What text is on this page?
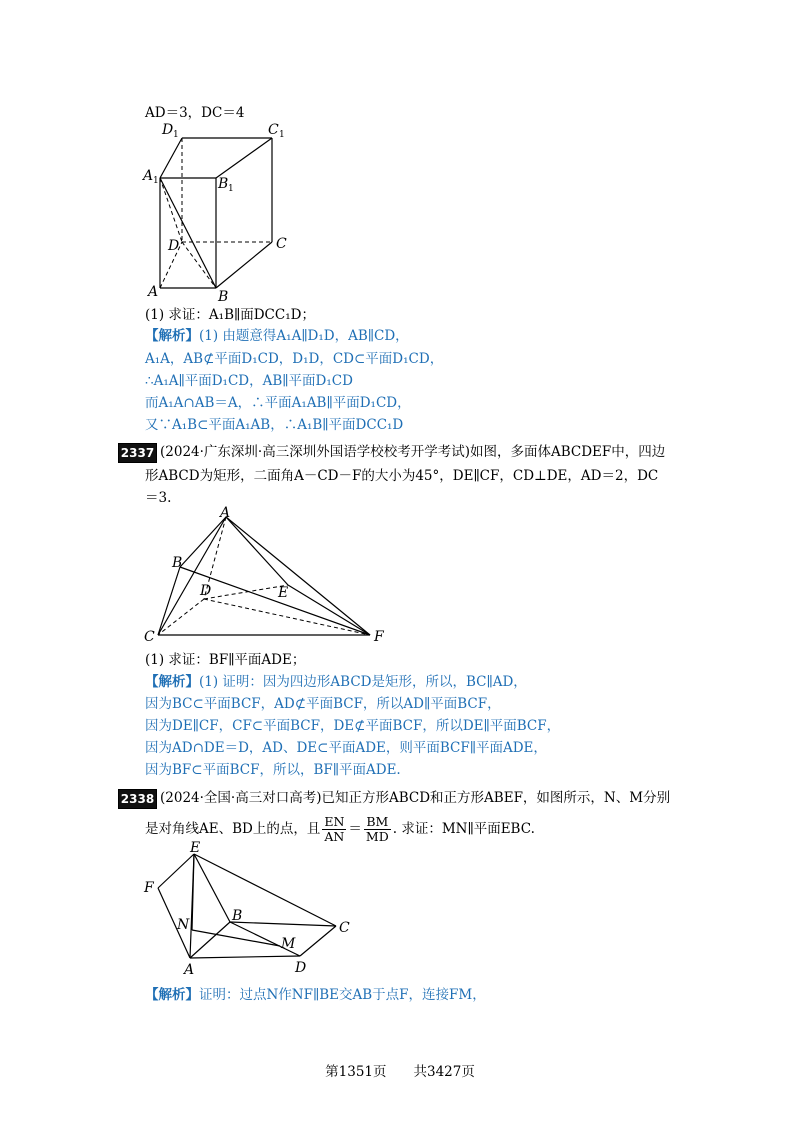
AD＝3，DC＝4
D 1	C 1
A 1	B 1
D	C
A	B
(1) 求证：A₁B∥面DCC₁D；
【解析】(1) 由题意得A₁A∥D₁D，AB∥CD，
A₁A，AB⊄平面D₁CD，D₁D，CD⊂平面D₁CD，
∴A₁A∥平面D₁CD，AB∥平面D₁CD
而A₁A∩AB＝A，∴平面A₁AB∥平面D₁CD，
又∵A₁B⊂平面A₁AB，∴A₁B∥平面DCC₁D
2337 (2024·广东深圳·高三深圳外国语学校校考开学考试)如图，多面体ABCDEF中，四边
形ABCD为矩形，二面角A－CD－F的大小为45°，DE∥CF，CD⊥DE，AD＝2，DC
＝3.
A
B
C
D	E
F
(1) 求证：BF∥平面ADE；
【解析】(1) 证明：因为四边形ABCD是矩形，所以，BC∥AD，
因为BC⊂平面BCF，AD⊄平面BCF，所以AD∥平面BCF，
因为DE∥CF，CF⊂平面BCF，DE⊄平面BCF，所以DE∥平面BCF，
因为AD∩DE＝D，AD、DE⊂平面ADE，则平面BCF∥平面ADE，
因为BF⊂平面BCF，所以，BF∥平面ADE.
2338 (2024·全国·高三对口高考)已知正方形ABCD和正方形ABEF，如图所示，N、M分别
是对角线AE、BD上的点，且 $\frac{EN}{AN} = \frac{BM}{MD}$ . 求证：MN∥平面EBC.
E
F
N
B
C
M
A	D
【解析】证明：过点N作NF∥BE交AB于点F，连接FM，
第1351页　　共3427页
